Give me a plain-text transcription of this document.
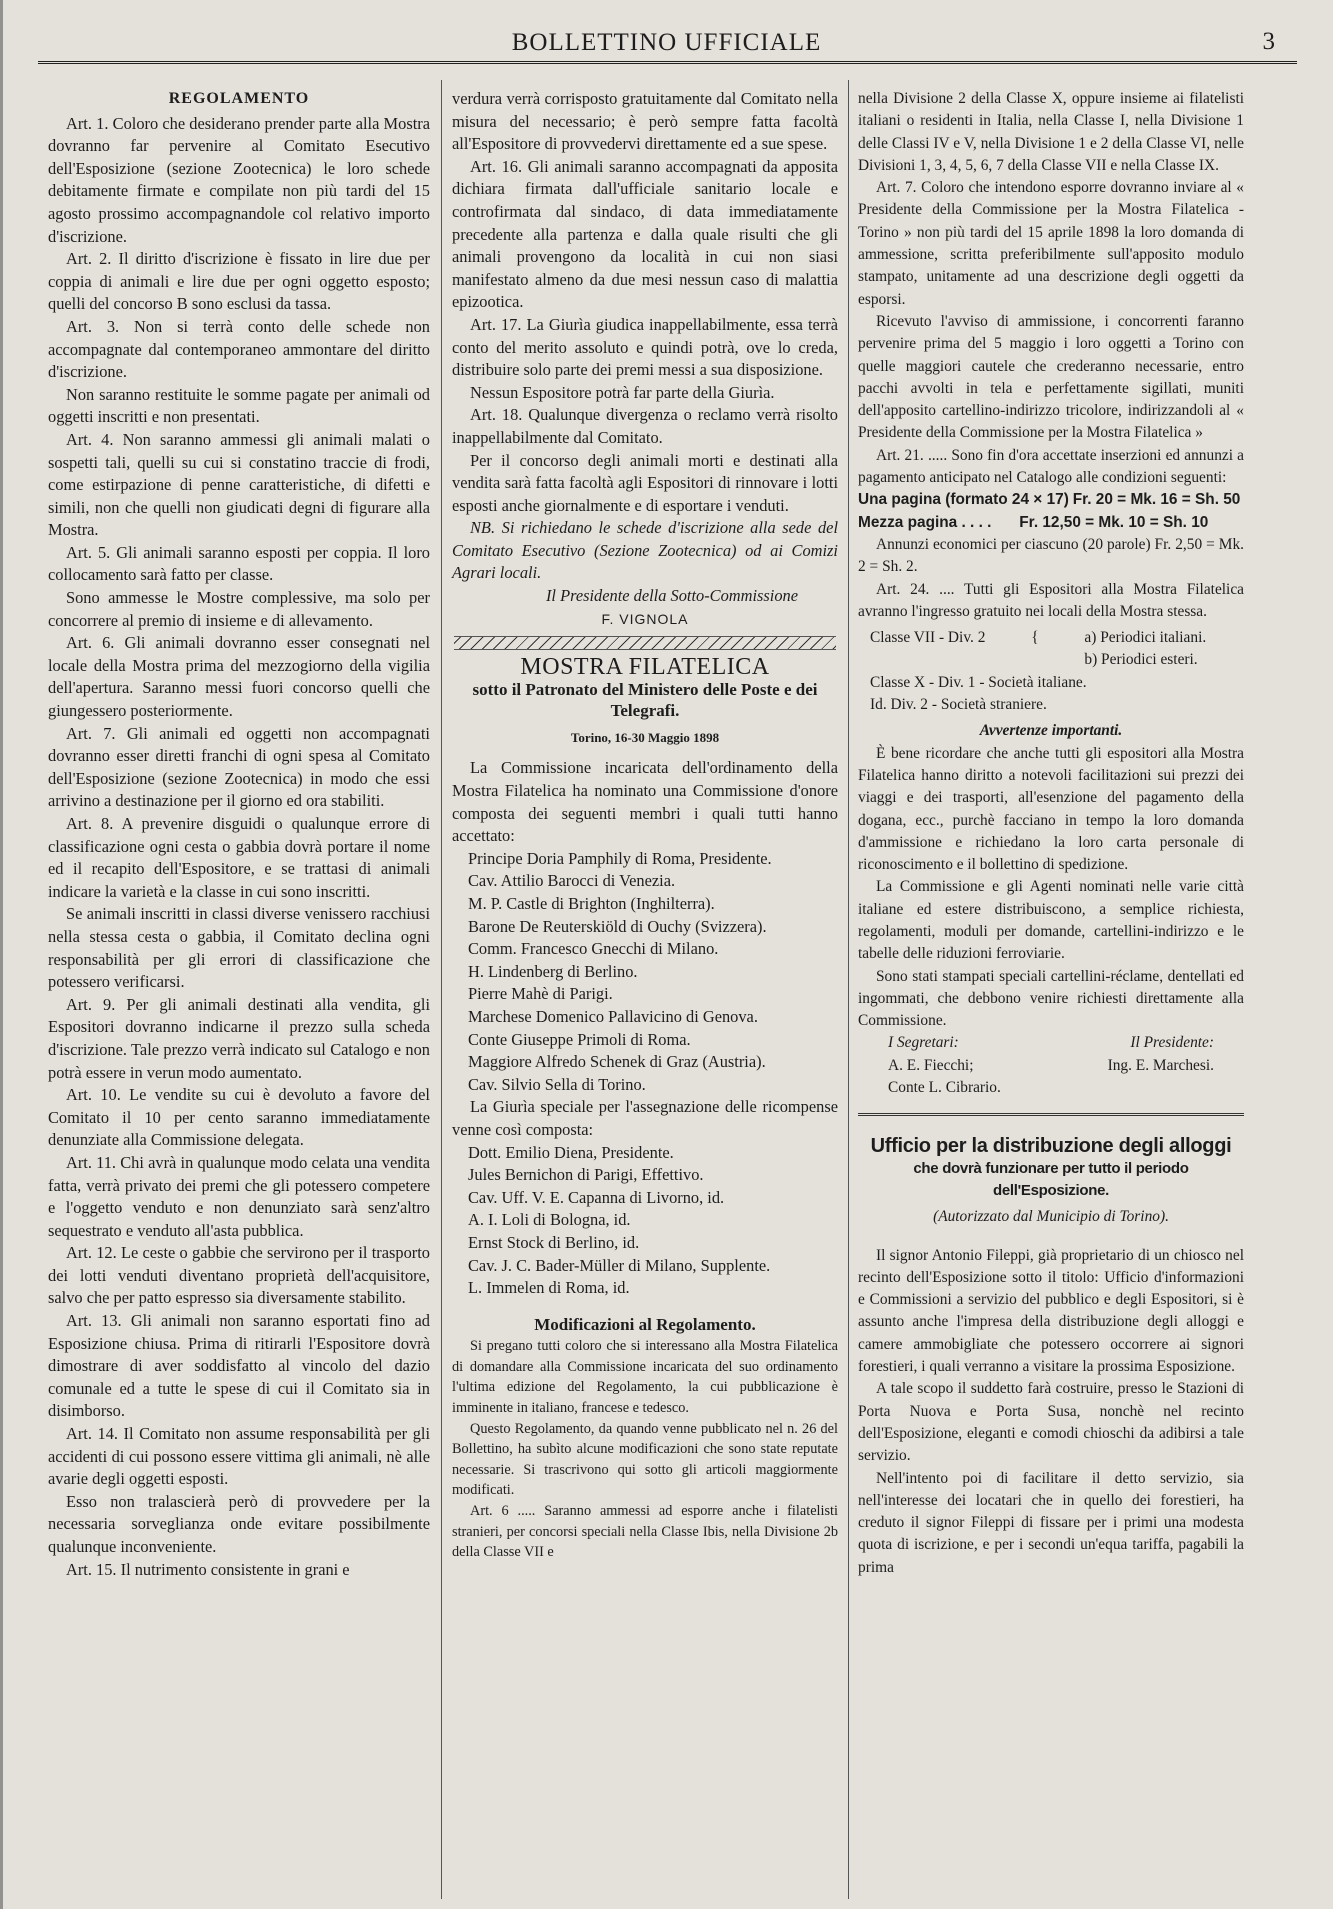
BOLLETTINO UFFICIALE	3

REGOLAMENTO

Art. 1. Coloro che desiderano prender parte alla Mostra dovranno far pervenire al Comitato Esecutivo dell'Esposizione (sezione Zootecnica) le loro schede debitamente firmate e compilate non più tardi del 15 agosto prossimo accompagnandole col relativo importo d'iscrizione.

Art. 2. Il diritto d'iscrizione è fissato in lire due per coppia di animali e lire due per ogni oggetto esposto; quelli del concorso B sono esclusi da tassa.

Art. 3. Non si terrà conto delle schede non accompagnate dal contemporaneo ammontare del diritto d'iscrizione.

Non saranno restituite le somme pagate per animali od oggetti inscritti e non presentati.

Art. 4. Non saranno ammessi gli animali malati o sospetti tali, quelli su cui si constatino traccie di frodi, come estirpazione di penne caratteristiche, di difetti e simili, non che quelli non giudicati degni di figurare alla Mostra.

Art. 5. Gli animali saranno esposti per coppia. Il loro collocamento sarà fatto per classe.

Sono ammesse le Mostre complessive, ma solo per concorrere al premio di insieme e di allevamento.

Art. 6. Gli animali dovranno esser consegnati nel locale della Mostra prima del mezzogiorno della vigilia dell'apertura. Saranno messi fuori concorso quelli che giungessero posteriormente.

Art. 7. Gli animali ed oggetti non accompagnati dovranno esser diretti franchi di ogni spesa al Comitato dell'Esposizione (sezione Zootecnica) in modo che essi arrivino a destinazione per il giorno ed ora stabiliti.

Art. 8. A prevenire disguidi o qualunque errore di classificazione ogni cesta o gabbia dovrà portare il nome ed il recapito dell'Espositore, e se trattasi di animali indicare la varietà e la classe in cui sono inscritti.

Se animali inscritti in classi diverse venissero racchiusi nella stessa cesta o gabbia, il Comitato declina ogni responsabilità per gli errori di classificazione che potessero verificarsi.

Art. 9. Per gli animali destinati alla vendita, gli Espositori dovranno indicarne il prezzo sulla scheda d'iscrizione. Tale prezzo verrà indicato sul Catalogo e non potrà essere in verun modo aumentato.

Art. 10. Le vendite su cui è devoluto a favore del Comitato il 10 per cento saranno immediatamente denunziate alla Commissione delegata.

Art. 11. Chi avrà in qualunque modo celata una vendita fatta, verrà privato dei premi che gli potessero competere e l'oggetto venduto e non denunziato sarà senz'altro sequestrato e venduto all'asta pubblica.

Art. 12. Le ceste o gabbie che servirono per il trasporto dei lotti venduti diventano proprietà dell'acquisitore, salvo che per patto espresso sia diversamente stabilito.

Art. 13. Gli animali non saranno esportati fino ad Esposizione chiusa. Prima di ritirarli l'Espositore dovrà dimostrare di aver soddisfatto al vincolo del dazio comunale ed a tutte le spese di cui il Comitato sia in disimborso.

Art. 14. Il Comitato non assume responsabilità per gli accidenti di cui possono essere vittima gli animali, nè alle avarie degli oggetti esposti.

Esso non tralascierà però di provvedere per la necessaria sorveglianza onde evitare possibilmente qualunque inconveniente.

Art. 15. Il nutrimento consistente in grani e

verdura verrà corrisposto gratuitamente dal Comitato nella misura del necessario; è però sempre fatta facoltà all'Espositore di provvedervi direttamente ed a sue spese.

Art. 16. Gli animali saranno accompagnati da apposita dichiara firmata dall'ufficiale sanitario locale e controfirmata dal sindaco, di data immediatamente precedente alla partenza e dalla quale risulti che gli animali provengono da località in cui non siasi manifestato almeno da due mesi nessun caso di malattia epizootica.

Art. 17. La Giurìa giudica inappellabilmente, essa terrà conto del merito assoluto e quindi potrà, ove lo creda, distribuire solo parte dei premi messi a sua disposizione.

Nessun Espositore potrà far parte della Giurìa.

Art. 18. Qualunque divergenza o reclamo verrà risolto inappellabilmente dal Comitato.

Per il concorso degli animali morti e destinati alla vendita sarà fatta facoltà agli Espositori di rinnovare i lotti esposti anche giornalmente e di esportare i venduti.

NB. Si richiedano le schede d'iscrizione alla sede del Comitato Esecutivo (Sezione Zootecnica) od ai Comizi Agrari locali.

Il Presidente della Sotto-Commissione

F. VIGNOLA

MOSTRA FILATELICA

sotto il Patronato del Ministero delle Poste e dei Telegrafi.

Torino, 16-30 Maggio 1898

La Commissione incaricata dell'ordinamento della Mostra Filatelica ha nominato una Commissione d'onore composta dei seguenti membri i quali tutti hanno accettato:

Principe Doria Pamphily di Roma, Presidente.

Cav. Attilio Barocci di Venezia.

M. P. Castle di Brighton (Inghilterra).

Barone De Reuterskiöld di Ouchy (Svizzera).

Comm. Francesco Gnecchi di Milano.

H. Lindenberg di Berlino.

Pierre Mahè di Parigi.

Marchese Domenico Pallavicino di Genova.

Conte Giuseppe Primoli di Roma.

Maggiore Alfredo Schenek di Graz (Austria).

Cav. Silvio Sella di Torino.

La Giurìa speciale per l'assegnazione delle ricompense venne così composta:

Dott. Emilio Diena, Presidente.

Jules Bernichon di Parigi, Effettivo.

Cav. Uff. V. E. Capanna di Livorno, id.

A. I. Loli di Bologna, id.

Ernst Stock di Berlino, id.

Cav. J. C. Bader-Müller di Milano, Supplente.

L. Immelen di Roma, id.

Modificazioni al Regolamento.

Si pregano tutti coloro che si interessano alla Mostra Filatelica di domandare alla Commissione incaricata del suo ordinamento l'ultima edizione del Regolamento, la cui pubblicazione è imminente in italiano, francese e tedesco.

Questo Regolamento, da quando venne pubblicato nel n. 26 del Bollettino, ha subìto alcune modificazioni che sono state reputate necessarie. Si trascrivono qui sotto gli articoli maggiormente modificati.

Art. 6 ..... Saranno ammessi ad esporre anche i filatelisti stranieri, per concorsi speciali nella Classe Ibis, nella Divisione 2b della Classe VII e

nella Divisione 2 della Classe X, oppure insieme ai filatelisti italiani o residenti in Italia, nella Classe I, nella Divisione 1 delle Classi IV e V, nella Divisione 1 e 2 della Classe VI, nelle Divisioni 1, 3, 4, 5, 6, 7 della Classe VII e nella Classe IX.

Art. 7. Coloro che intendono esporre dovranno inviare al « Presidente della Commissione per la Mostra Filatelica - Torino » non più tardi del 15 aprile 1898 la loro domanda di ammessione, scritta preferibilmente sull'apposito modulo stampato, unitamente ad una descrizione degli oggetti da esporsi.

Ricevuto l'avviso di ammissione, i concorrenti faranno pervenire prima del 5 maggio i loro oggetti a Torino con quelle maggiori cautele che crederanno necessarie, entro pacchi avvolti in tela e perfettamente sigillati, muniti dell'apposito cartellino-indirizzo tricolore, indirizzandoli al « Presidente della Commissione per la Mostra Filatelica »

Art. 21. ..... Sono fin d'ora accettate inserzioni ed annunzi a pagamento anticipato nel Catalogo alle condizioni seguenti:

Una pagina (formato 24 × 17) Fr. 20 = Mk. 16 = Sh. 50

Mezza pagina . . . . Fr. 12,50 = Mk. 10 = Sh. 10

Annunzi economici per ciascuno (20 parole) Fr. 2,50 = Mk. 2 = Sh. 2.

Art. 24. .... Tutti gli Espositori alla Mostra Filatelica avranno l'ingresso gratuito nei locali della Mostra stessa.

Classe VII - Div. 2	{	a) Periodici italiani.
b) Periodici esteri.

Classe X - Div. 1 - Società italiane.

Id. Div. 2 - Società straniere.

Avvertenze importanti.

È bene ricordare che anche tutti gli espositori alla Mostra Filatelica hanno diritto a notevoli facilitazioni sui prezzi dei viaggi e dei trasporti, all'esenzione del pagamento della dogana, ecc., purchè facciano in tempo la loro domanda d'ammissione e richiedano la loro carta personale di riconoscimento e il bollettino di spedizione.

La Commissione e gli Agenti nominati nelle varie città italiane ed estere distribuiscono, a semplice richiesta, regolamenti, moduli per domande, cartellini-indirizzo e le tabelle delle riduzioni ferroviarie.

Sono stati stampati speciali cartellini-réclame, dentellati ed ingommati, che debbono venire richiesti direttamente alla Commissione.

I Segretari:	Il Presidente:
A. E. Fiecchi;	Ing. E. Marchesi.
Conte L. Cibrario.

Ufficio per la distribuzione degli alloggi

che dovrà funzionare per tutto il periodo dell'Esposizione.

(Autorizzato dal Municipio di Torino).

Il signor Antonio Fileppi, già proprietario di un chiosco nel recinto dell'Esposizione sotto il titolo: Ufficio d'informazioni e Commissioni a servizio del pubblico e degli Espositori, si è assunto anche l'impresa della distribuzione degli alloggi e camere ammobigliate che potessero occorrere ai signori forestieri, i quali verranno a visitare la prossima Esposizione.

A tale scopo il suddetto farà costruire, presso le Stazioni di Porta Nuova e Porta Susa, nonchè nel recinto dell'Esposizione, eleganti e comodi chioschi da adibirsi a tale servizio.

Nell'intento poi di facilitare il detto servizio, sia nell'interesse dei locatari che in quello dei forestieri, ha creduto il signor Fileppi di fissare per i primi una modesta quota di iscrizione, e per i secondi un'equa tariffa, pagabili la prima
